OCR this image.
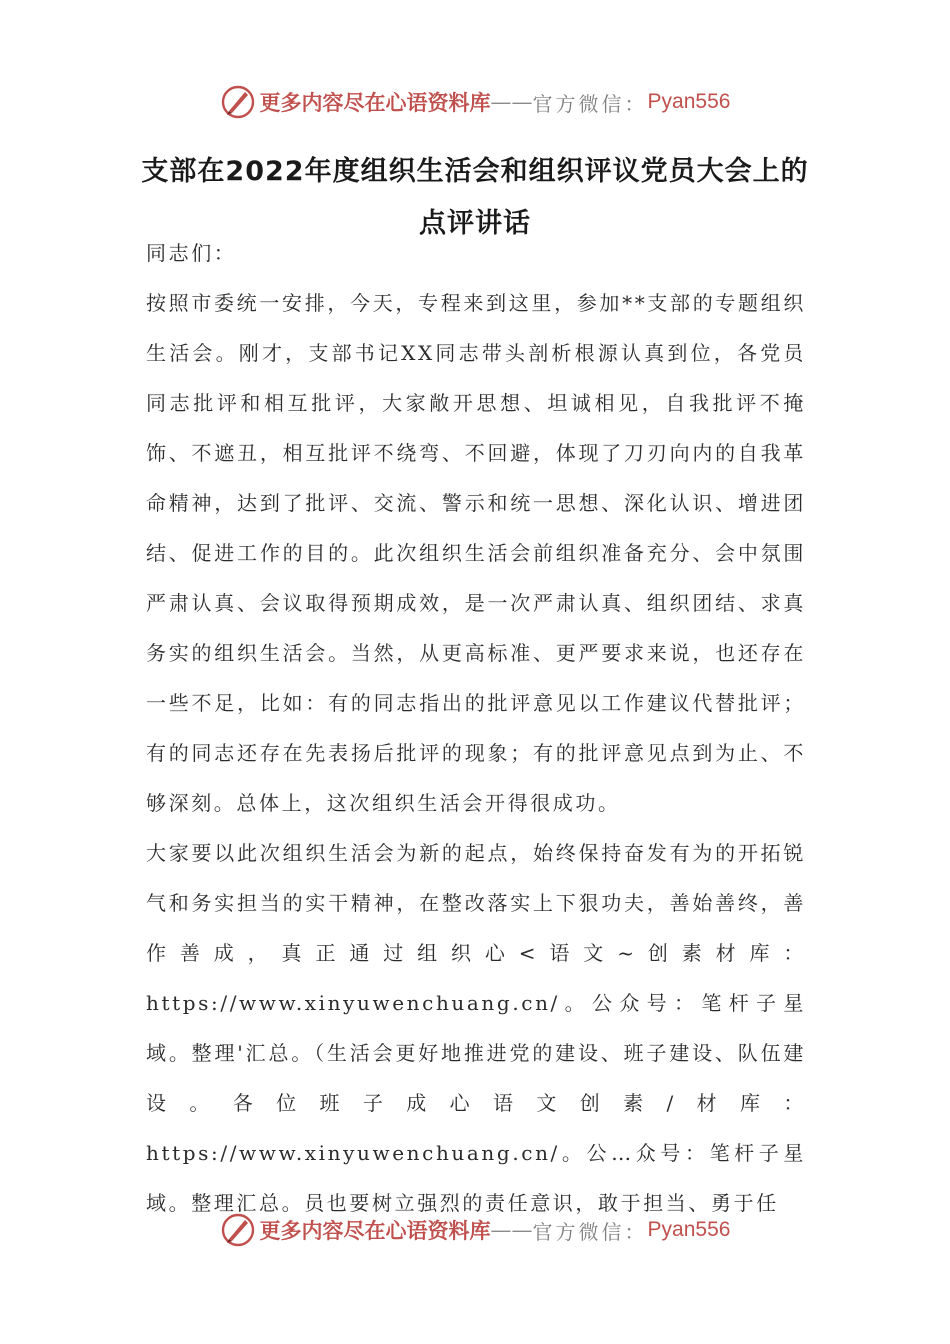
更多内容尽在心语资料库 —— 官方微信： Pyan556
支部在2022年度组织生活会和组织评议党员大会上的点评讲话

同志们：

按照市委统一安排，今天，专程来到这里，参加**支部的专题组织生活会。刚才，支部书记XX同志带头剖析根源认真到位，各党员同志批评和相互批评，大家敞开思想、坦诚相见，自我批评不掩饰、不遮丑，相互批评不绕弯、不回避，体现了刀刃向内的自我革命精神，达到了批评、交流、警示和统一思想、深化认识、增进团结、促进工作的目的。此次组织生活会前组织准备充分、会中氛围严肃认真、会议取得预期成效，是一次严肃认真、组织团结、求真务实的组织生活会。当然，从更高标准、更严要求来说，也还存在一些不足，比如：有的同志指出的批评意见以工作建议代替批评；有的同志还存在先表扬后批评的现象；有的批评意见点到为止、不够深刻。总体上，这次组织生活会开得很成功。

大家要以此次组织生活会为新的起点，始终保持奋发有为的开拓锐气和务实担当的实干精神，在整改落实上下狠功夫，善始善终，善作善成，真正通过组织心<语文~创素材库：https://www.xinyuwenchuang.cn/。公众号：笔杆子星域。整理'汇总。（生活会更好地推进党的建设、班子建设、队伍建设。各位班子成心语文创素/材库：https://www.xinyuwenchuang.cn/。公…众号：笔杆子星域。整理汇总。员也要树立强烈的责任意识，敢于担当、勇于任

更多内容尽在心语资料库 —— 官方微信： Pyan556
